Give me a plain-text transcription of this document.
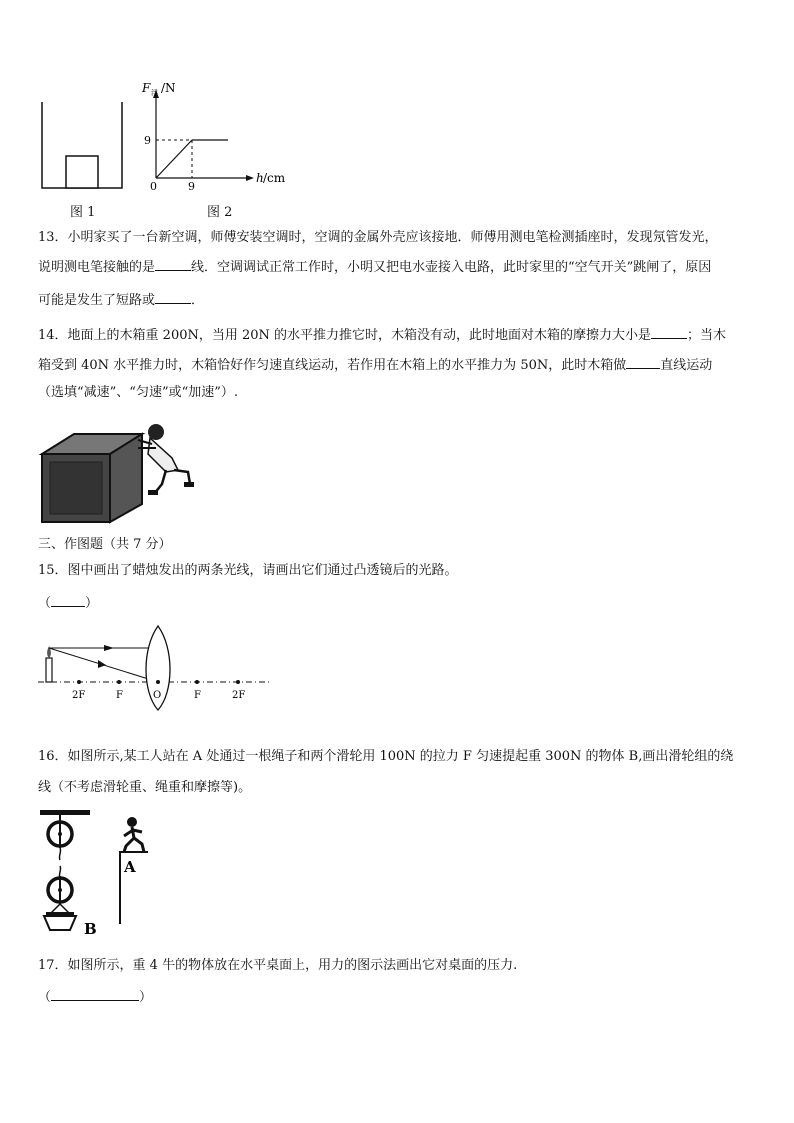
图 1
F 浮 /N
9
0	9
h /cm
图 2
13．小明家买了一台新空调，师傅安装空调时，空调的金属外壳应该接地．师傅用测电笔检测插座时，发现氖管发光，
说明测电笔接触的是	线．空调调试正常工作时，小明又把电水壶接入电路，此时家里的“空气开关”跳闸了，原因
可能是发生了短路或	．
14．地面上的木箱重 200N，当用 20N 的水平推力推它时，木箱没有动，此时地面对木箱的摩擦力大小是	；当木
箱受到 40N 水平推力时，木箱恰好作匀速直线运动，若作用在木箱上的水平推力为 50N，此时木箱做	直线运动
（选填“减速”、“匀速”或“加速”）.
三、作图题（共 7 分）
15．图中画出了蜡烛发出的两条光线，请画出它们通过凸透镜后的光路。
（	）
2F	F	O	F	2F
16．如图所示,某工人站在 A 处通过一根绳子和两个滑轮用 100N 的拉力 F 匀速提起重 300N 的物体 B,画出滑轮组的绕
线（不考虑滑轮重、绳重和摩擦等)。
B
A
17．如图所示，重 4 牛的物体放在水平桌面上，用力的图示法画出它对桌面的压力.
（	）
